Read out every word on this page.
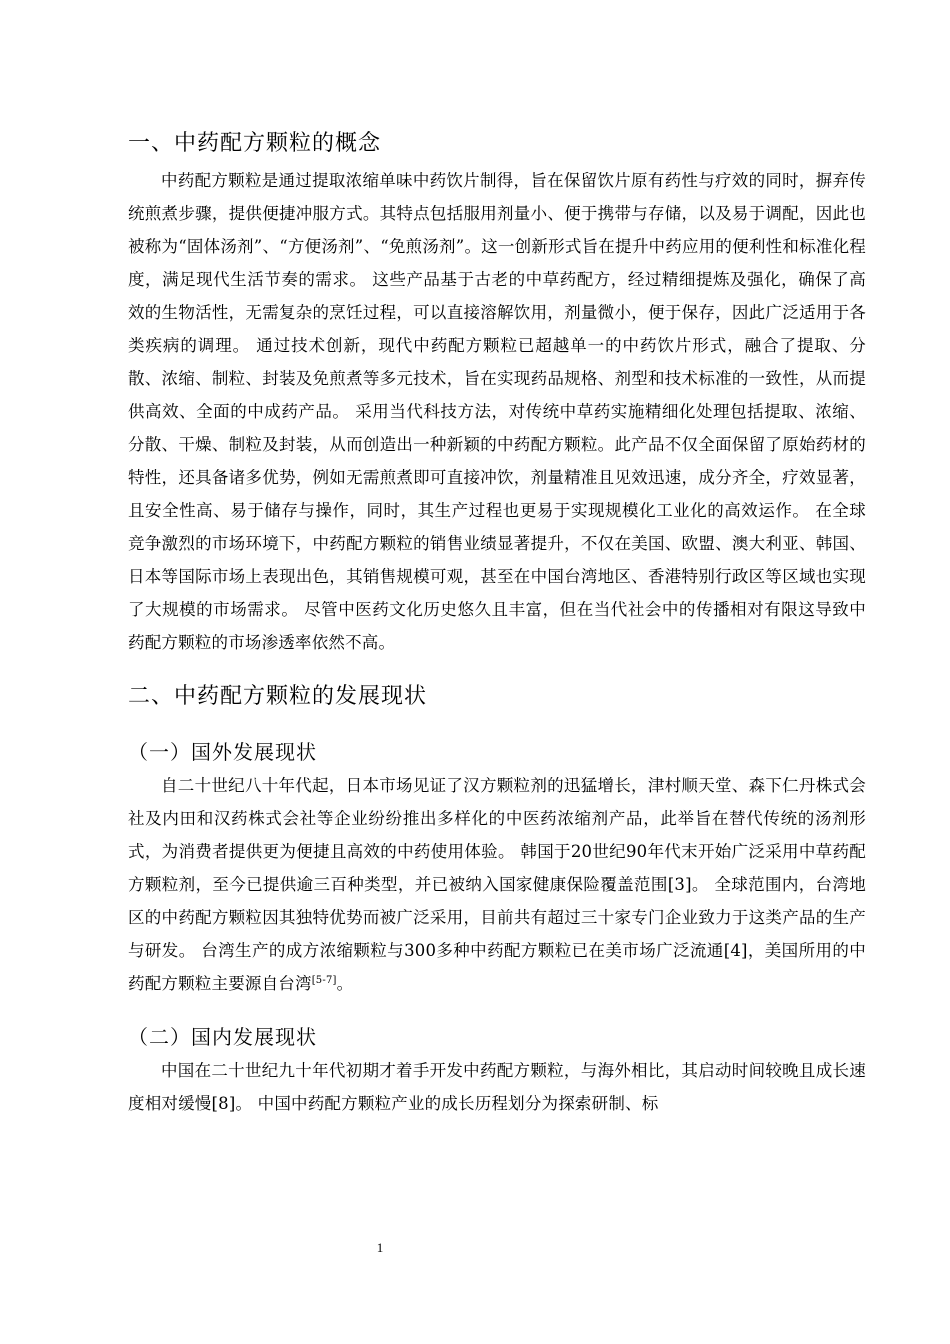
一、中药配方颗粒的概念

中药配方颗粒是通过提取浓缩单味中药饮片制得，旨在保留饮片原有药性与疗效的同时，摒弃传统煎煮步骤，提供便捷冲服方式。其特点包括服用剂量小、便于携带与存储，以及易于调配，因此也被称为“固体汤剂”、“方便汤剂”、“免煎汤剂”。这一创新形式旨在提升中药应用的便利性和标准化程度，满足现代生活节奏的需求。 这些产品基于古老的中草药配方，经过精细提炼及强化，确保了高效的生物活性，无需复杂的烹饪过程，可以直接溶解饮用，剂量微小，便于保存，因此广泛适用于各类疾病的调理。 通过技术创新，现代中药配方颗粒已超越单一的中药饮片形式，融合了提取、分散、浓缩、制粒、封装及免煎煮等多元技术，旨在实现药品规格、剂型和技术标准的一致性，从而提供高效、全面的中成药产品。 采用当代科技方法，对传统中草药实施精细化处理包括提取、浓缩、分散、干燥、制粒及封装，从而创造出一种新颖的中药配方颗粒。此产品不仅全面保留了原始药材的特性，还具备诸多优势，例如无需煎煮即可直接冲饮，剂量精准且见效迅速，成分齐全，疗效显著，且安全性高、易于储存与操作，同时，其生产过程也更易于实现规模化工业化的高效运作。 在全球竞争激烈的市场环境下，中药配方颗粒的销售业绩显著提升，不仅在美国、欧盟、澳大利亚、韩国、日本等国际市场上表现出色，其销售规模可观，甚至在中国台湾地区、香港特别行政区等区域也实现了大规模的市场需求。 尽管中医药文化历史悠久且丰富，但在当代社会中的传播相对有限这导致中药配方颗粒的市场渗透率依然不高。

二、中药配方颗粒的发展现状
（一）国外发展现状

自二十世纪八十年代起，日本市场见证了汉方颗粒剂的迅猛增长，津村顺天堂、森下仁丹株式会社及内田和汉药株式会社等企业纷纷推出多样化的中医药浓缩剂产品，此举旨在替代传统的汤剂形式，为消费者提供更为便捷且高效的中药使用体验。 韩国于20世纪90年代末开始广泛采用中草药配方颗粒剂，至今已提供逾三百种类型，并已被纳入国家健康保险覆盖范围[3]。 全球范围内，台湾地区的中药配方颗粒因其独特优势而被广泛采用，目前共有超过三十家专门企业致力于这类产品的生产与研发。 台湾生产的成方浓缩颗粒与300多种中药配方颗粒已在美市场广泛流通[4]，美国所用的中药配方颗粒主要源自台湾[5-7]。

（二）国内发展现状

中国在二十世纪九十年代初期才着手开发中药配方颗粒，与海外相比，其启动时间较晚且成长速度相对缓慢[8]。 中国中药配方颗粒产业的成长历程划分为探索研制、标

1
